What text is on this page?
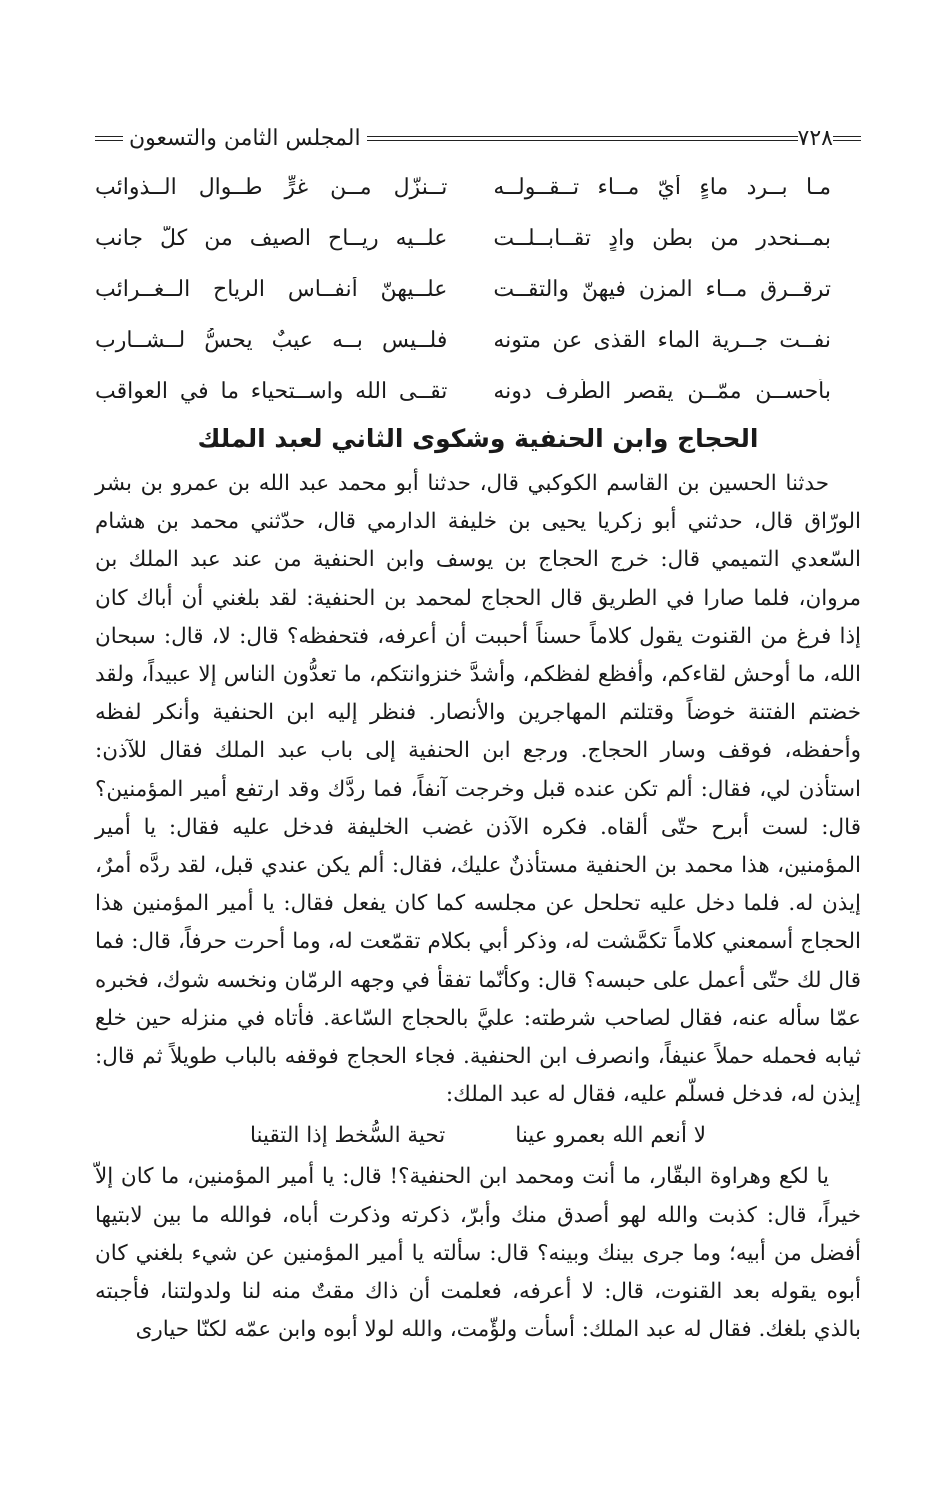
٧٢٨
المجلس الثامن والتسعون
مـا بــرد ماءٍ أيّ مــاء تــقــولــه
تــنزّل مــن غرٍّ طــوال الــذوائب
بمــنحدرٍ من بطن وادٍ تقــابــلــت
علــيه ريــاح الصيف من كلّ جانب
ترقــرق مــاء المزن فيهنّ والتقــت
علــيهنّ أنفــاس الرياح الــغــرائب
نفــت جــرية الماء القذى عن متونه
فلــيس بــه عيبٌ يحسُّ لــشــارب
بأحســن ممّــن يقصر الطّرف دونه
تقــى الله واســتحياء ما في العواقب
الحجاج وابن الحنفية وشكوى الثاني لعبد الملك

حدثنا الحسين بن القاسم الكوكبي قال، حدثنا أبو محمد عبد الله بن عمرو بن بشر الورّاق قال، حدثني أبو زكريا يحيى بن خليفة الدارمي قال، حدّثني محمد بن هشام السّعدي التميمي قال: خرج الحجاج بن يوسف وابن الحنفية من عند عبد الملك بن مروان، فلما صارا في الطريق قال الحجاج لمحمد بن الحنفية: لقد بلغني أن أباك كان إذا فرغ من القنوت يقول كلاماً حسناً أحببت أن أعرفه، فتحفظه؟ قال: لا، قال: سبحان الله، ما أوحش لقاءكم، وأفظع لفظكم، وأشدَّ خنزوانتكم، ما تعدُّون الناس إلا عبيداً، ولقد خضتم الفتنة خوضاً وقتلتم المهاجرين والأنصار. فنظر إليه ابن الحنفية وأنكر لفظه وأحفظه، فوقف وسار الحجاج. ورجع ابن الحنفية إلى باب عبد الملك فقال للآذن: استأذن لي، فقال: ألم تكن عنده قبل وخرجت آنفاً، فما ردَّك وقد ارتفع أمير المؤمنين؟ قال: لست أبرح حتّى ألقاه. فكره الآذن غضب الخليفة فدخل عليه فقال: يا أمير المؤمنين، هذا محمد بن الحنفية مستأذنٌ عليك، فقال: ألم يكن عندي قبل، لقد ردَّه أمرٌ، إيذن له. فلما دخل عليه تحلحل عن مجلسه كما كان يفعل فقال: يا أمير المؤمنين هذا الحجاج أسمعني كلاماً تكمَّشت له، وذكر أبي بكلام تقمّعت له، وما أحرت حرفاً، قال: فما قال لك حتّى أعمل على حبسه؟ قال: وكأنّما تفقأ في وجهه الرمّان ونخسه شوك، فخبره عمّا سأله عنه، فقال لصاحب شرطته: عليَّ بالحجاج السّاعة. فأتاه في منزله حين خلع ثيابه فحمله حملاً عنيفاً، وانصرف ابن الحنفية. فجاء الحجاج فوقفه بالباب طويلاً ثم قال: إيذن له، فدخل فسلّم عليه، فقال له عبد الملك:

لا أنعم الله بعمرو عينا
تحية السُّخط إذا التقينا

يا لكع وهراوة البقّار، ما أنت ومحمد ابن الحنفية؟! قال: يا أمير المؤمنين، ما كان إلاّ خيراً، قال: كذبت والله لهو أصدق منك وأبرّ، ذكرته وذكرت أباه، فوالله ما بين لابتيها أفضل من أبيه؛ وما جرى بينك وبينه؟ قال: سألته يا أمير المؤمنين عن شيء بلغني كان أبوه يقوله بعد القنوت، قال: لا أعرفه، فعلمت أن ذاك مقتٌ منه لنا ولدولتنا، فأجبته بالذي بلغك. فقال له عبد الملك: أسأت ولؤّمت، والله لولا أبوه وابن عمّه لكنّا حيارى
